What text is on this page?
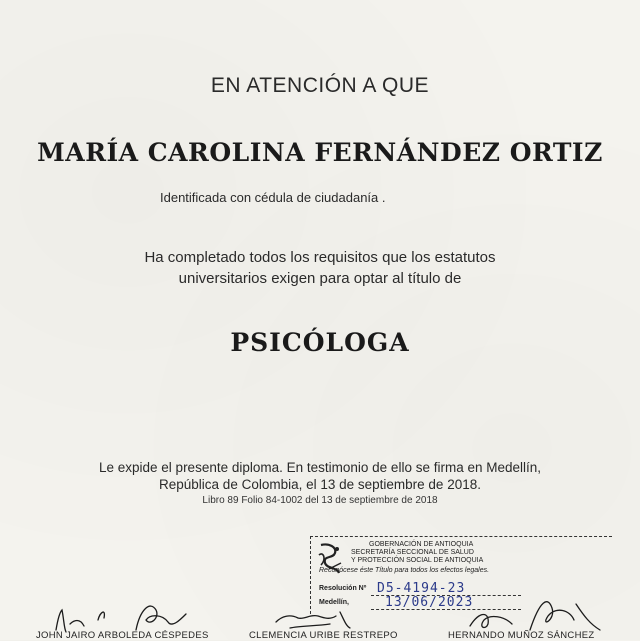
EN ATENCIÓN A QUE
MARÍA CAROLINA FERNÁNDEZ ORTIZ
Identificada con cédula de ciudadanía .
Ha completado todos los requisitos que los estatutos
universitarios exigen para optar al título de
PSICÓLOGA
Le expide el presente diploma. En testimonio de ello se firma en Medellín,
República de Colombia, el 13 de septiembre de 2018.
Libro 89 Folio 84-1002 del 13 de septiembre de 2018
GOBERNACIÓN DE ANTIOQUIA
SECRETARÍA SECCIONAL DE SALUD
Y PROTECCIÓN SOCIAL DE ANTIOQUIA
Reconócese éste Título para todos los efectos legales.
Resolución Nº D5-4194-23
Medellín,	13/06/2023
JOHN JAIRO ARBOLEDA CÉSPEDES	CLEMENCIA URIBE RESTREPO	HERNANDO MUÑOZ SÁNCHEZ
